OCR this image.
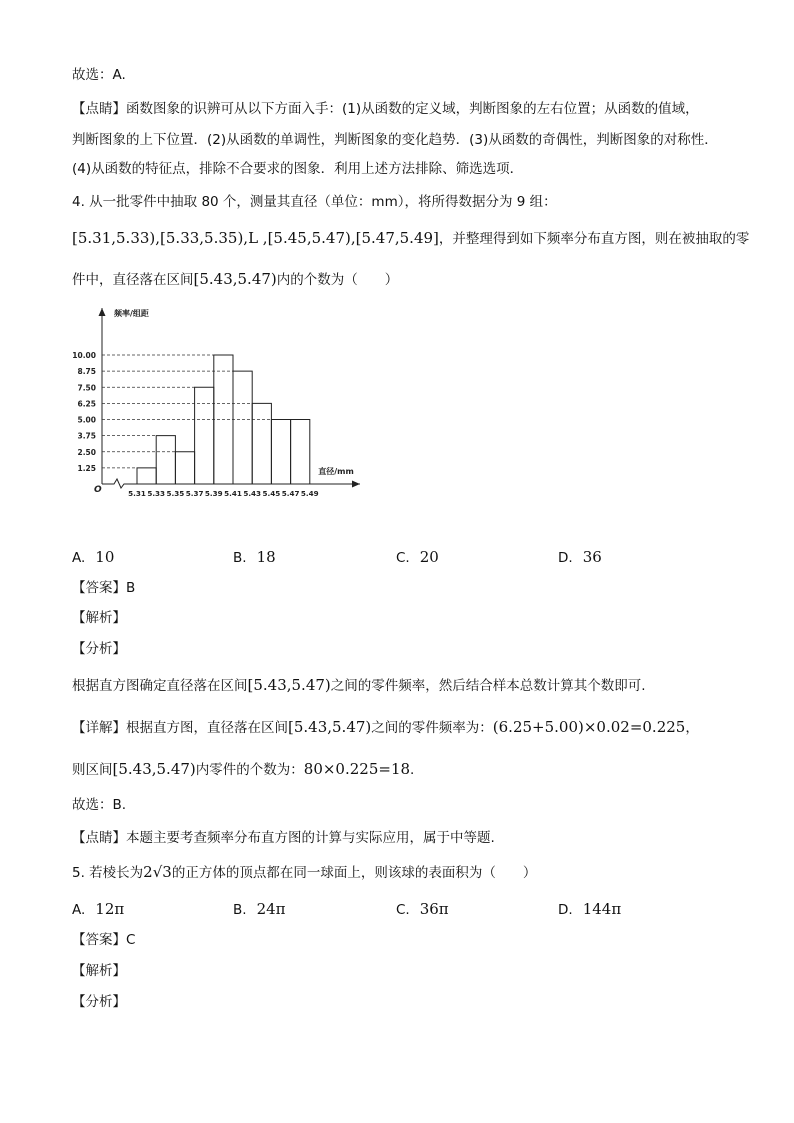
故选：A.
【点睛】函数图象的识辨可从以下方面入手：(1)从函数的定义域，判断图象的左右位置；从函数的值域，
判断图象的上下位置．(2)从函数的单调性，判断图象的变化趋势．(3)从函数的奇偶性，判断图象的对称性．
(4)从函数的特征点，排除不合要求的图象．利用上述方法排除、筛选选项．
4. 从一批零件中抽取 80 个，测量其直径（单位：mm），将所得数据分为 9 组：
[5.31,5.33),[5.33,5.35),L ,[5.45,5.47),[5.47,5.49]，并整理得到如下频率分布直方图，则在被抽取的零
件中，直径落在区间[5.43,5.47)内的个数为（　　）
频率/组距
直径/mm
O
1.25
2.50
3.75
5.00
6.25
7.50
8.75
10.00
5.31 5.33 5.35 5.37 5.39 5.41 5.43 5.45 5.47 5.49
A. 10	B. 18	C. 20	D. 36
【答案】B
【解析】
【分析】
根据直方图确定直径落在区间[5.43,5.47)之间的零件频率，然后结合样本总数计算其个数即可.
【详解】根据直方图，直径落在区间[5.43,5.47)之间的零件频率为：(6.25+5.00)×0.02=0.225，
则区间[5.43,5.47)内零件的个数为：80×0.225=18.
故选：B.
【点睛】本题主要考查频率分布直方图的计算与实际应用，属于中等题.
5. 若棱长为2√3的正方体的顶点都在同一球面上，则该球的表面积为（　　）
A. 12π	B. 24π	C. 36π	D. 144π
【答案】C
【解析】
【分析】
